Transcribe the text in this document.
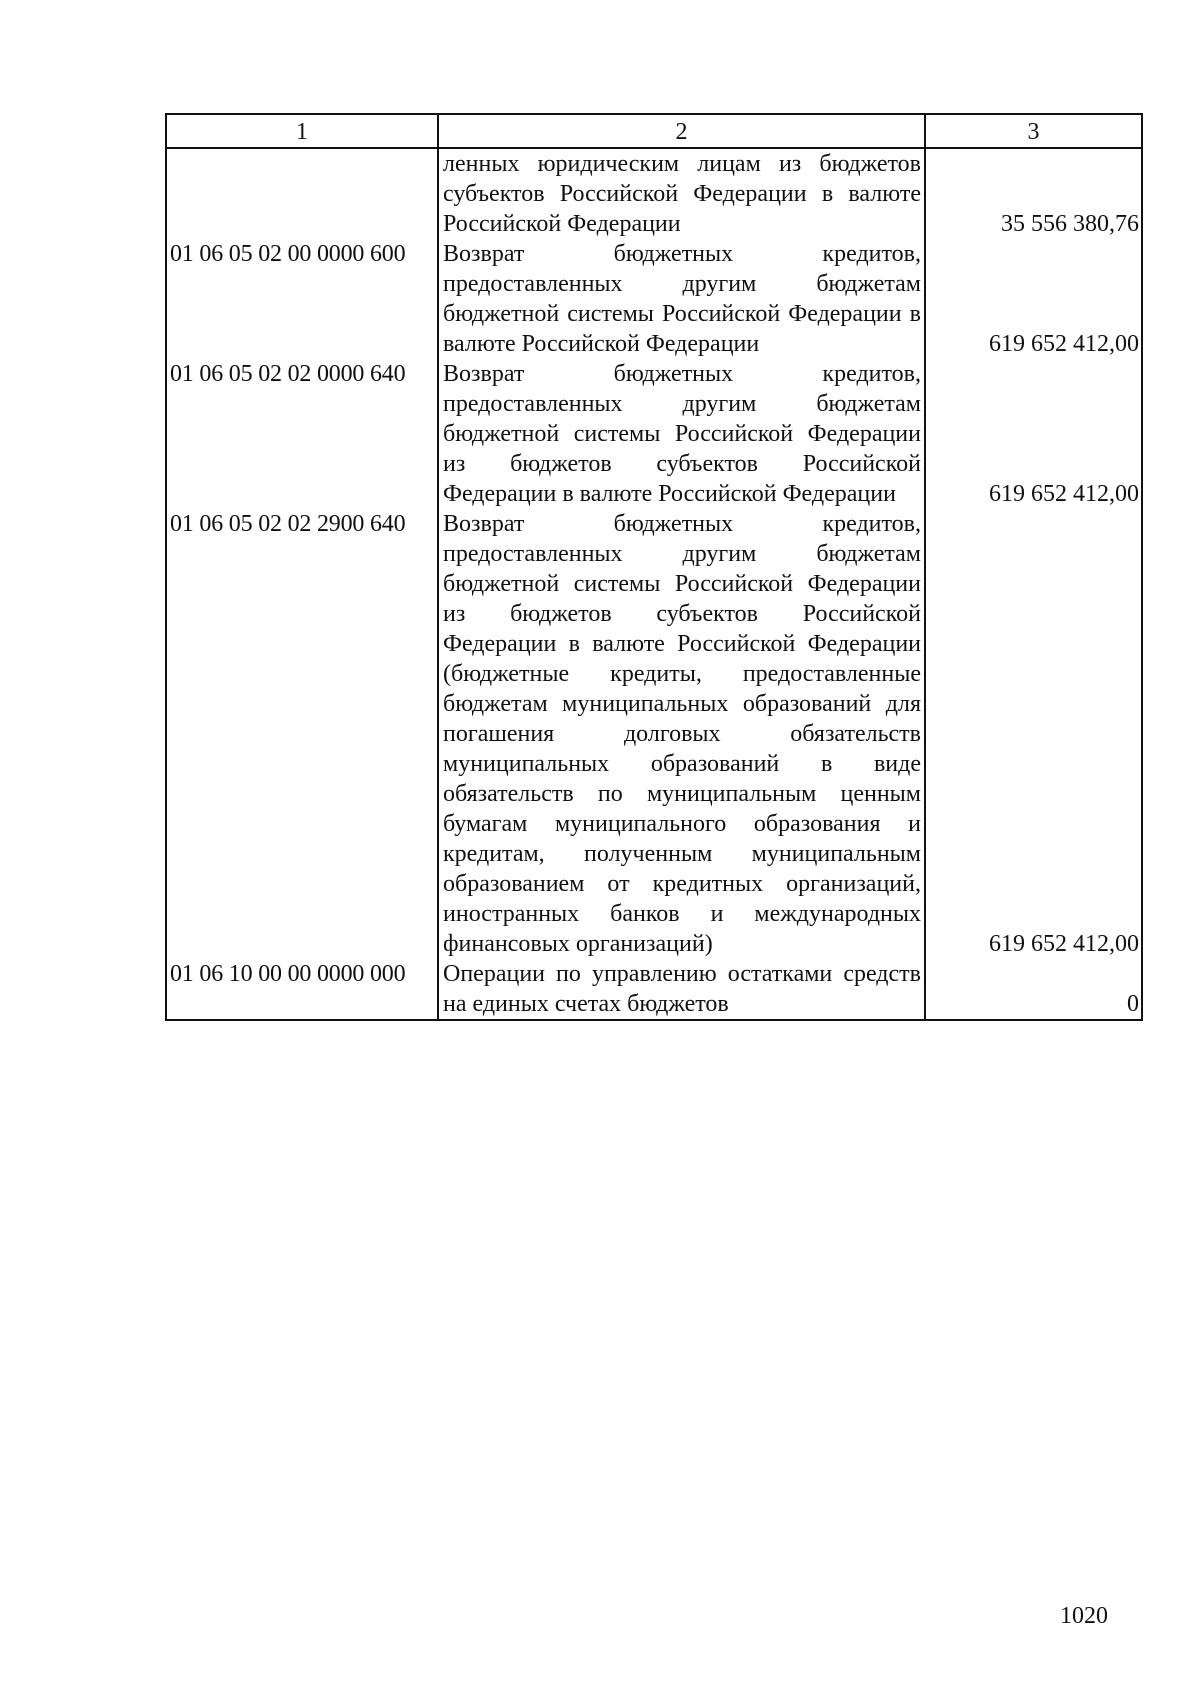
1	2	3
	ленных юридическим лицам из бюджетов субъектов Российской Федерации в валюте Российской Федерации	35 556 380,76
01 06 05 02 00 0000 600	Возврат бюджетных кредитов, предоставленных другим бюджетам бюджетной системы Российской Федерации в валюте Российской Федерации	619 652 412,00
01 06 05 02 02 0000 640	Возврат бюджетных кредитов, предоставленных другим бюджетам бюджетной системы Российской Федерации из бюджетов субъектов Российской Федерации в валюте Российской Федерации	619 652 412,00
01 06 05 02 02 2900 640	Возврат бюджетных кредитов, предоставленных другим бюджетам бюджетной системы Российской Федерации из бюджетов субъектов Российской Федерации в валюте Российской Федерации (бюджетные кредиты, предоставленные бюджетам муниципальных образований для погашения долговых обязательств муниципальных образований в виде обязательств по муниципальным ценным бумагам муниципального образования и кредитам, полученным муниципальным образованием от кредитных организаций, иностранных банков и международных финансовых организаций)	619 652 412,00
01 06 10 00 00 0000 000	Операции по управлению остатками средств на единых счетах бюджетов	0
1020
